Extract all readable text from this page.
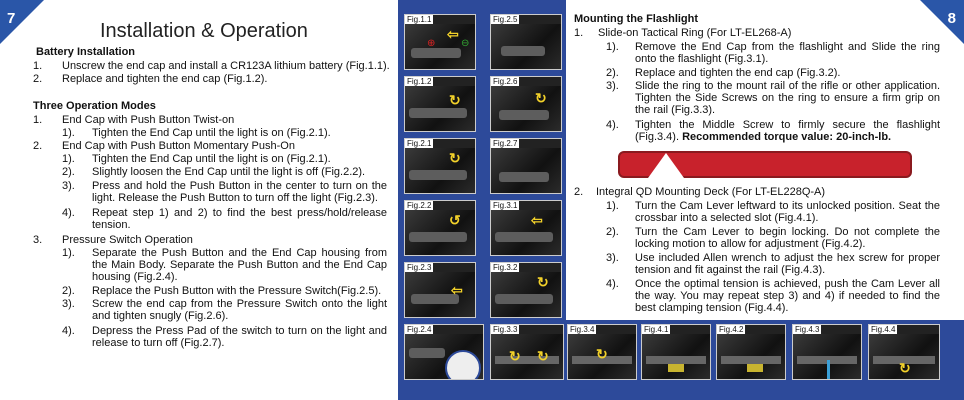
7
Installation & Operation
Battery Installation
1. Unscrew the end cap and install a CR123A lithium battery (Fig.1.1).
2. Replace and tighten the end cap (Fig.1.2).
Three Operation Modes
1. End Cap with Push Button Twist-on
1). Tighten the End Cap until the light is on (Fig.2.1).
2. End Cap with Push Button Momentary Push-On
1). Tighten the End Cap until the light is on (Fig.2.1).
2). Slightly loosen the End Cap until the light is off (Fig.2.2).
3). Press and hold the Push Button in the center to turn on the light. Release the Push Button to turn off the light (Fig.2.3).
4). Repeat step 1) and 2) to find the best press/hold/release tension.
3. Pressure Switch Operation
1). Separate the Push Button and the End Cap housing from the Main Body. Separate the Push Button and the End Cap housing (Fig.2.4).
2). Replace the Push Button with the Pressure Switch(Fig.2.5).
3). Screw the end cap from the Pressure Switch onto the light and tighten snugly (Fig.2.6).
4). Depress the Press Pad of the switch to turn on the light and release to turn off (Fig.2.7).
⇦
⊕	⊖
Fig.1.1
↻
Fig.1.2
↻
Fig.2.1
↺
Fig.2.2
⇦
Fig.2.3
Fig.2.4
Fig.2.5
↻
Fig.2.6
Fig.2.7
⇦
Fig.3.1
↻
Fig.3.2
↻ ↻
Fig.3.3
8
Mounting the Flashlight
1. Slide-on Tactical Ring (For LT-EL268-A)
1). Remove the End Cap from the flashlight and Slide the ring onto the flashlight (Fig.3.1).
2). Replace and tighten the end cap (Fig.3.2).
3). Slide the ring to the mount rail of the rifle or other application. Tighten the Side Screws on the ring to ensure a firm grip on the rail (Fig.3.3).
4). Tighten the Middle Screw to firmly secure the flashlight (Fig.3.4). Recommended torque value: 20-inch-lb.
2. Integral QD Mounting Deck (For LT-EL228Q-A)
1). Turn the Cam Lever leftward to its unlocked position. Seat the crossbar into a selected slot (Fig.4.1).
2). Turn the Cam Lever to begin locking. Do not complete the locking motion to allow for adjustment (Fig.4.2).
3). Use included Allen wrench to adjust the hex screw for proper tension and fit against the rail (Fig.4.3).
4). Once the optimal tension is achieved, push the Cam Lever all the way. You may repeat step 3) and 4) if needed to find the best clamping tension (Fig.4.4).
↻
Fig.3.4	Fig.4.1	Fig.4.2	Fig.4.3
↻
Fig.4.4
